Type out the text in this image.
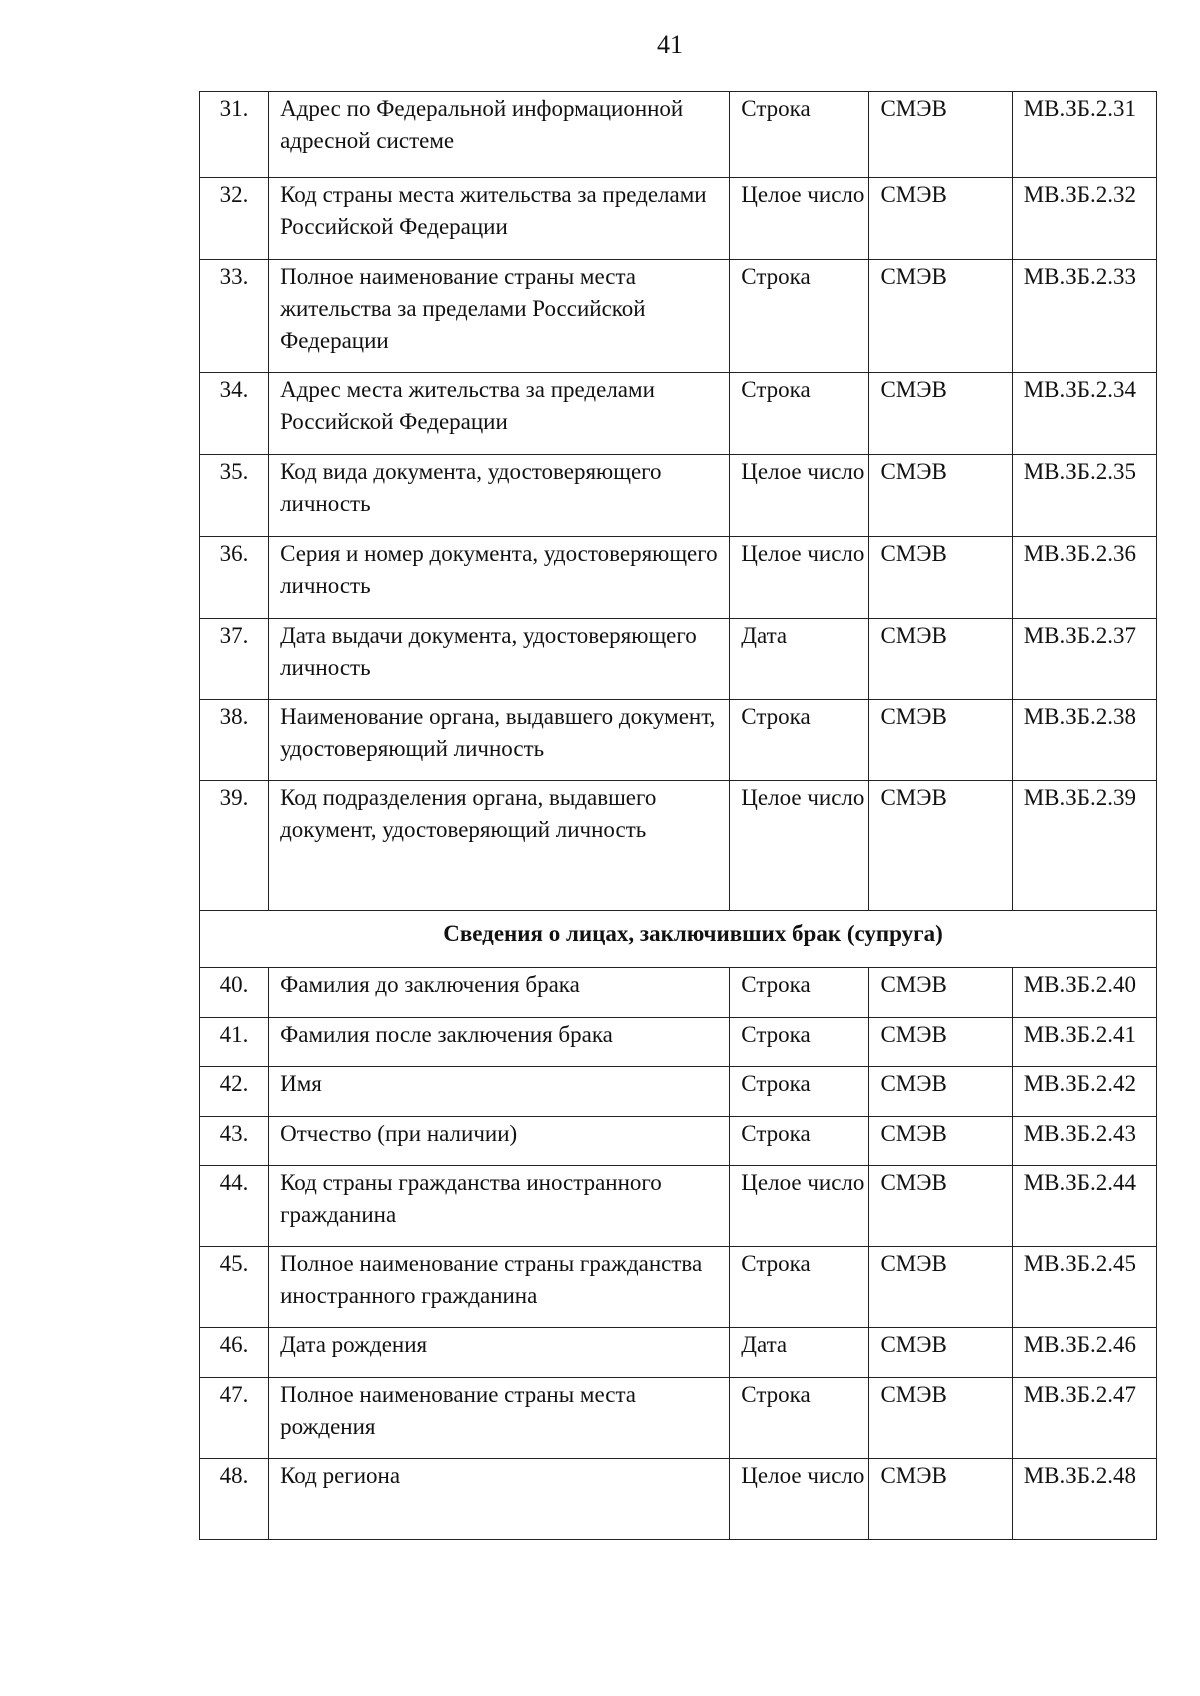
41
31.	Адрес по Федеральной информационной адресной системе	Строка	СМЭВ	МВ.ЗБ.2.31
32.	Код страны места жительства за пределами Российской Федерации	Целое число	СМЭВ	МВ.ЗБ.2.32
33.	Полное наименование страны места жительства за пределами Российской Федерации	Строка	СМЭВ	МВ.ЗБ.2.33
34.	Адрес места жительства за пределами Российской Федерации	Строка	СМЭВ	МВ.ЗБ.2.34
35.	Код вида документа, удостоверяющего личность	Целое число	СМЭВ	МВ.ЗБ.2.35
36.	Серия и номер документа, удостоверяющего личность	Целое число	СМЭВ	МВ.ЗБ.2.36
37.	Дата выдачи документа, удостоверяющего личность	Дата	СМЭВ	МВ.ЗБ.2.37
38.	Наименование органа, выдавшего документ, удостоверяющий личность	Строка	СМЭВ	МВ.ЗБ.2.38
39.	Код подразделения органа, выдавшего документ, удостоверяющий личность	Целое число	СМЭВ	МВ.ЗБ.2.39
Сведения о лицах, заключивших брак (супруга)				
40.	Фамилия до заключения брака	Строка	СМЭВ	МВ.ЗБ.2.40
41.	Фамилия после заключения брака	Строка	СМЭВ	МВ.ЗБ.2.41
42.	Имя	Строка	СМЭВ	МВ.ЗБ.2.42
43.	Отчество (при наличии)	Строка	СМЭВ	МВ.ЗБ.2.43
44.	Код страны гражданства иностранного гражданина	Целое число	СМЭВ	МВ.ЗБ.2.44
45.	Полное наименование страны гражданства иностранного гражданина	Строка	СМЭВ	МВ.ЗБ.2.45
46.	Дата рождения	Дата	СМЭВ	МВ.ЗБ.2.46
47.	Полное наименование страны места рождения	Строка	СМЭВ	МВ.ЗБ.2.47
48.	Код региона	Целое число	СМЭВ	МВ.ЗБ.2.48
